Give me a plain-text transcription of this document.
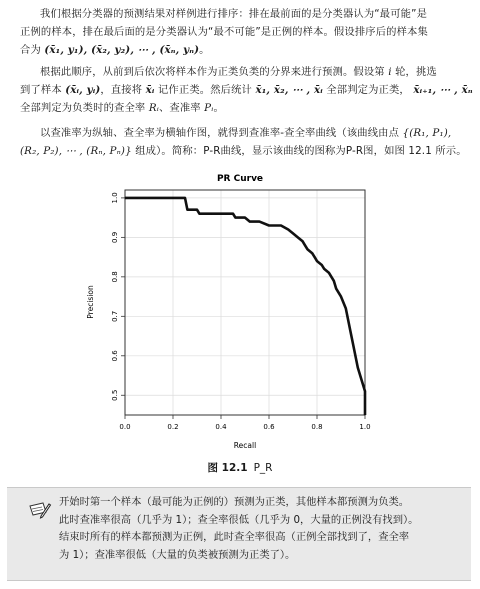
我们根据分类器的预测结果对样例进行排序：排在最前面的是分类器认为“最可能”是
正例的样本，排在最后面的是分类器认为“最不可能”是正例的样本。假设排序后的样本集
合为 (x̄₁, y₁), (x̄₂, y₂), ⋯ , (x̄ₙ, yₙ)。
根据此顺序，从前到后依次将样本作为正类负类的分界来进行预测。假设第 i 轮，挑选
到了样本 (x̄ᵢ, yᵢ)，直接将 x̄ᵢ 记作正类。然后统计 x̄₁, x̄₂, ⋯ , x̄ᵢ 全部判定为正类， x̄ᵢ₊₁, ⋯ , x̄ₙ
全部判定为负类时的查全率 Rᵢ、查准率 Pᵢ。
以查准率为纵轴、查全率为横轴作图，就得到查准率-查全率曲线（该曲线由点 {(R₁, P₁),
(R₂, P₂), ⋯ , (Rₙ, Pₙ)} 组成）。简称：P-R曲线，显示该曲线的图称为P-R图，如图 12.1 所示。
PR Curve
0.0	0.2	0.4	0.6	0.8	1.0
0.5
0.6
0.7
0.8
0.9
1.0
Recall
Precision
图 12.1 P_R
开始时第一个样本（最可能为正例的）预测为正类，其他样本都预测为负类。
此时查准率很高（几乎为 1）；查全率很低（几乎为 0，大量的正例没有找到）。
结束时所有的样本都预测为正例，此时查全率很高（正例全部找到了，查全率
为 1）；查准率很低（大量的负类被预测为正类了）。
